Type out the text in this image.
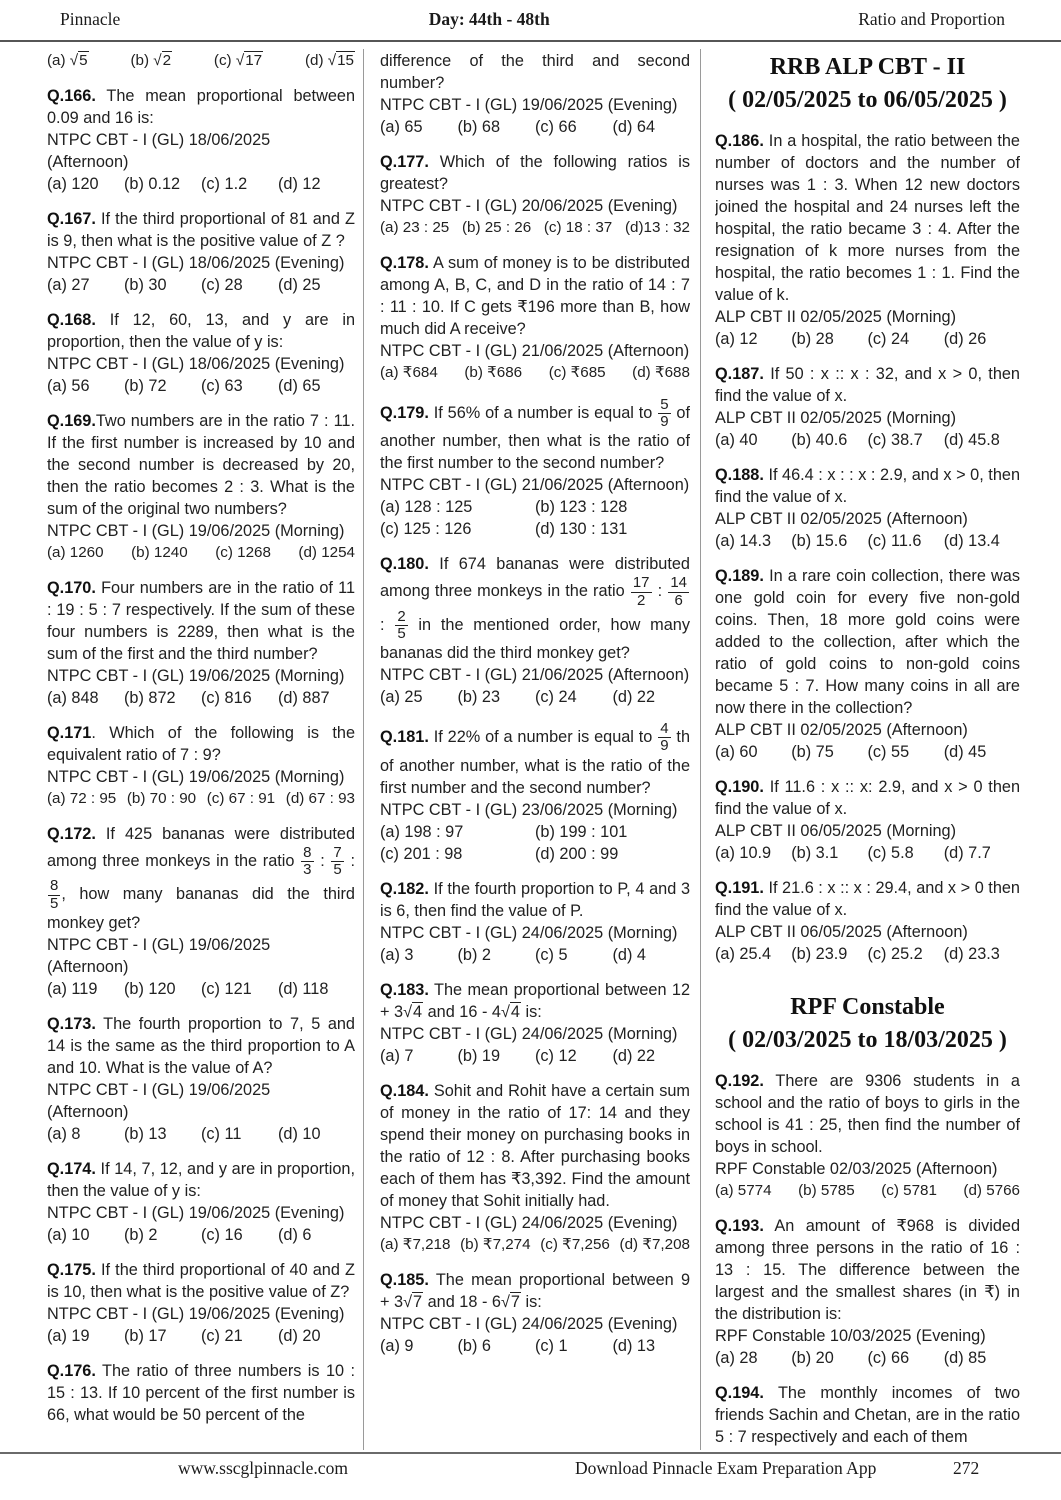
Pinnacle	Day: 44th - 48th	Ratio and Proportion
(a) √5	(b) √2	(c) √17	(d) √15

Q.166. The mean proportional between 0.09 and 16 is:

NTPC CBT - I (GL) 18/06/2025 (Afternoon)
(a) 120	(b) 0.12	(c) 1.2	(d) 12

Q.167. If the third proportional of 81 and Z is 9, then what is the positive value of Z ?

NTPC CBT - I (GL) 18/06/2025 (Evening)
(a) 27	(b) 30	(c) 28	(d) 25

Q.168. If 12, 60, 13, and y are in proportion, then the value of y is:

NTPC CBT - I (GL) 18/06/2025 (Evening)
(a) 56	(b) 72	(c) 63	(d) 65

Q.169.Two numbers are in the ratio 7 : 11. If the first number is increased by 10 and the second number is decreased by 20, then the ratio becomes 2 : 3. What is the sum of the original two numbers?

NTPC CBT - I (GL) 19/06/2025 (Morning)
(a) 1260 (b) 1240 (c) 1268 (d) 1254

Q.170. Four numbers are in the ratio of 11 : 19 : 5 : 7 respectively. If the sum of these four numbers is 2289, then what is the sum of the first and the third number?

NTPC CBT - I (GL) 19/06/2025 (Morning)
(a) 848	(b) 872	(c) 816	(d) 887

Q.171. Which of the following is the equivalent ratio of 7 : 9?

NTPC CBT - I (GL) 19/06/2025 (Morning)
(a) 72 : 95 (b) 70 : 90 (c) 67 : 91 (d) 67 : 93

Q.172. If 425 bananas were distributed among three monkeys in the ratio $\frac{8}{3}$ : $\frac{7}{5}$ :
$\frac{8}{5}$ , how many bananas did the third monkey get?

NTPC CBT - I (GL) 19/06/2025 (Afternoon)
(a) 119	(b) 120	(c) 121	(d) 118

Q.173. The fourth proportion to 7, 5 and 14 is the same as the third proportion to A and 10. What is the value of A?

NTPC CBT - I (GL) 19/06/2025 (Afternoon)
(a) 8	(b) 13	(c) 11	(d) 10

Q.174. If 14, 7, 12, and y are in proportion, then the value of y is:

NTPC CBT - I (GL) 19/06/2025 (Evening)
(a) 10	(b) 2	(c) 16	(d) 6

Q.175. If the third proportional of 40 and Z is 10, then what is the positive value of Z?

NTPC CBT - I (GL) 19/06/2025 (Evening)
(a) 19	(b) 17	(c) 21	(d) 20

Q.176. The ratio of three numbers is 10 : 15 : 13. If 10 percent of the first number is 66, what would be 50 percent of the

difference of the third and second number?

NTPC CBT - I (GL) 19/06/2025 (Evening)
(a) 65	(b) 68	(c) 66	(d) 64

Q.177. Which of the following ratios is greatest?

NTPC CBT - I (GL) 20/06/2025 (Evening)
(a) 23 : 25 (b) 25 : 26 (c) 18 : 37 (d)13 : 32

Q.178. A sum of money is to be distributed among A, B, C, and D in the ratio of 14 : 7 : 11 : 10. If C gets ₹196 more than B, how much did A receive?

NTPC CBT - I (GL) 21/06/2025 (Afternoon)
(a) ₹684 (b) ₹686 (c) ₹685 (d) ₹688

Q.179. If 56% of a number is equal to $\frac{5}{9}$ of another number, then what is the ratio of the first number to the second number?

NTPC CBT - I (GL) 21/06/2025 (Afternoon)
(a) 128 : 125	(b) 123 : 128
(c) 125 : 126	(d) 130 : 131

Q.180. If 674 bananas were distributed among three monkeys in the ratio $\frac{17}{2}$ : $\frac{14}{6}$
: $\frac{2}{5}$ in the mentioned order, how many bananas did the third monkey get?

NTPC CBT - I (GL) 21/06/2025 (Afternoon)
(a) 25	(b) 23	(c) 24	(d) 22

Q.181. If 22% of a number is equal to $\frac{4}{9}$ th of another number, what is the ratio of the first number and the second number?

NTPC CBT - I (GL) 23/06/2025 (Morning)
(a) 198 : 97	(b) 199 : 101
(c) 201 : 98	(d) 200 : 99

Q.182. If the fourth proportion to P, 4 and 3 is 6, then find the value of P.

NTPC CBT - I (GL) 24/06/2025 (Morning)
(a) 3	(b) 2	(c) 5	(d) 4

Q.183. The mean proportional between 12 + 3√4 and 16 - 4√4 is:

NTPC CBT - I (GL) 24/06/2025 (Morning)
(a) 7	(b) 19	(c) 12	(d) 22

Q.184. Sohit and Rohit have a certain sum of money in the ratio of 17: 14 and they spend their money on purchasing books in the ratio of 12 : 8. After purchasing books each of them has ₹3,392. Find the amount of money that Sohit initially had.

NTPC CBT - I (GL) 24/06/2025 (Evening)
(a) ₹7,218 (b) ₹7,274 (c) ₹7,256 (d) ₹7,208

Q.185. The mean proportional between 9 + 3√7 and 18 - 6√7 is:

NTPC CBT - I (GL) 24/06/2025 (Evening)
(a) 9	(b) 6	(c) 1	(d) 13
RRB ALP CBT - II
( 02/05/2025 to 06/05/2025 )

Q.186. In a hospital, the ratio between the number of doctors and the number of nurses was 1 : 3. When 12 new doctors joined the hospital and 24 nurses left the hospital, the ratio became 3 : 4. After the resignation of k more nurses from the hospital, the ratio becomes 1 : 1. Find the value of k.

ALP CBT II 02/05/2025 (Morning)
(a) 12	(b) 28	(c) 24	(d) 26

Q.187. If 50 : x :: x : 32, and x > 0, then find the value of x.

ALP CBT II 02/05/2025 (Morning)
(a) 40	(b) 40.6	(c) 38.7	(d) 45.8

Q.188. If 46.4 : x : : x : 2.9, and x > 0, then find the value of x.

ALP CBT II 02/05/2025 (Afternoon)
(a) 14.3	(b) 15.6	(c) 11.6	(d) 13.4

Q.189. In a rare coin collection, there was one gold coin for every five non-gold coins. Then, 18 more gold coins were added to the collection, after which the ratio of gold coins to non-gold coins became 5 : 7. How many coins in all are now there in the collection?

ALP CBT II 02/05/2025 (Afternoon)
(a) 60	(b) 75	(c) 55	(d) 45

Q.190. If 11.6 : x :: x: 2.9, and x > 0 then find the value of x.

ALP CBT II 06/05/2025 (Morning)
(a) 10.9	(b) 3.1	(c) 5.8	(d) 7.7

Q.191. If 21.6 : x :: x : 29.4, and x > 0 then find the value of x.

ALP CBT II 06/05/2025 (Afternoon)
(a) 25.4	(b) 23.9	(c) 25.2	(d) 23.3
RPF Constable
( 02/03/2025 to 18/03/2025 )

Q.192. There are 9306 students in a school and the ratio of boys to girls in the school is 41 : 25, then find the number of boys in school.

RPF Constable 02/03/2025 (Afternoon)
(a) 5774 (b) 5785 (c) 5781 (d) 5766

Q.193. An amount of ₹968 is divided among three persons in the ratio of 16 : 13 : 15. The difference between the largest and the smallest shares (in ₹) in the distribution is:

RPF Constable 10/03/2025 (Evening)
(a) 28	(b) 20	(c) 66	(d) 85

Q.194. The monthly incomes of two friends Sachin and Chetan, are in the ratio 5 : 7 respectively and each of them

www.sscglpinnacle.com	Download Pinnacle Exam Preparation App	272
